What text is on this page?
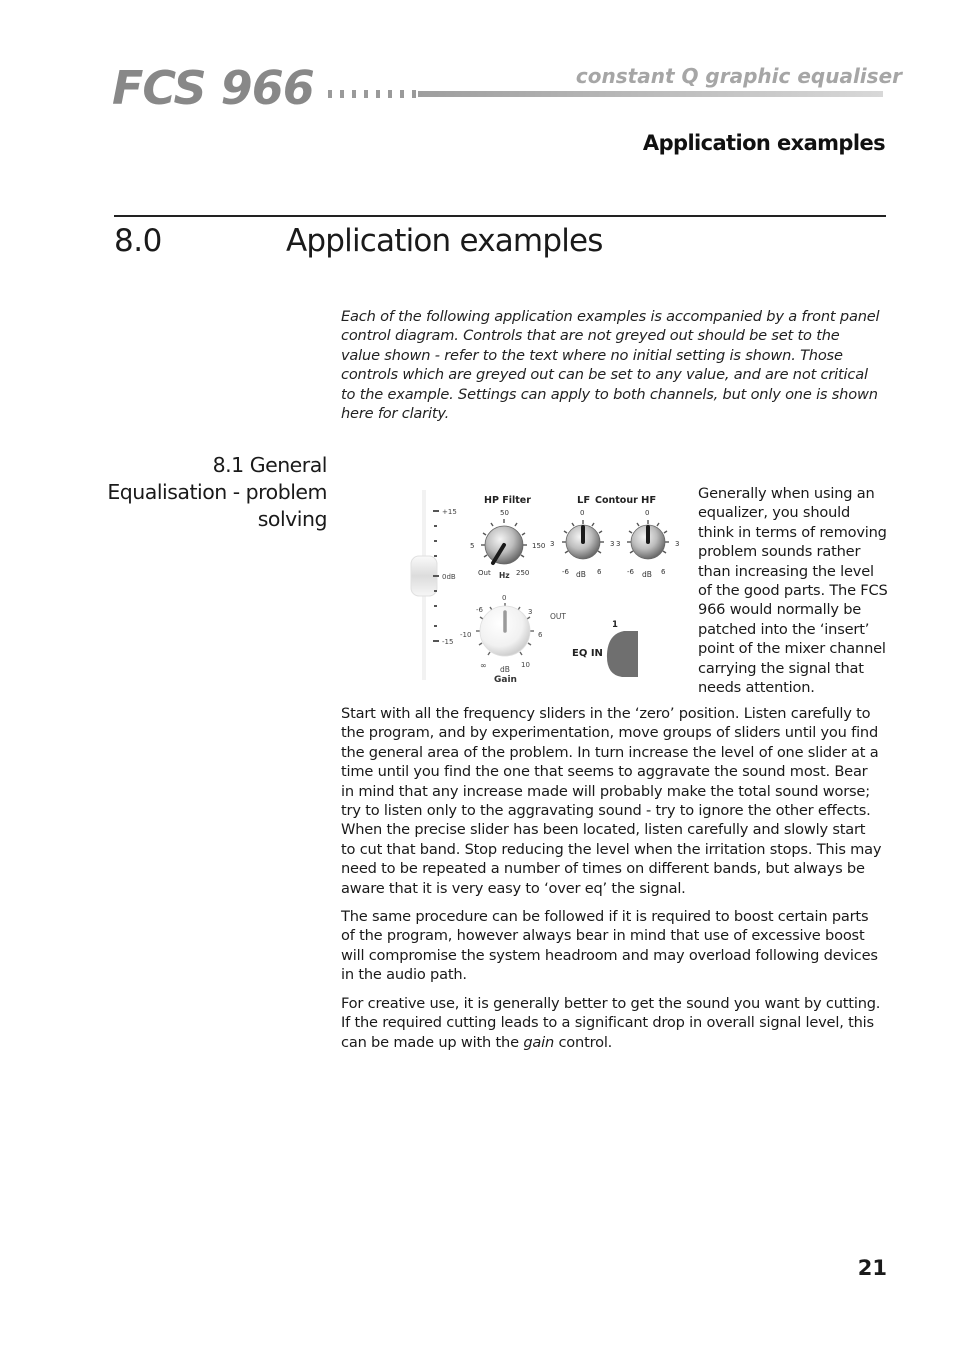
FCS 966	constant Q graphic equaliser
Application examples
8.0	Application examples
Each of the following application examples is accompanied by a front panel control diagram. Controls that are not greyed out should be set to the value shown - refer to the text where no initial setting is shown. Those controls which are greyed out can be set to any value, and are not critical to the example. Settings can apply to both channels, but only one is shown here for clarity.
8.1 General Equalisation - problem solving	+15
0dB
-15
HP Filter
50
5	150
Out	250
Hz
LF Contour HF
0
3	3
-6	6
dB
0
3	3
-6	6
dB
0
-6	3
-10	6
∞ dB 10
Gain
OUT
1
EQ IN
Generally when using an equalizer, you should think in terms of removing problem sounds rather than increasing the level of the good parts. The FCS 966 would normally be patched into the ‘insert’ point of the mixer channel carrying the signal that needs attention.

Start with all the frequency sliders in the ‘zero’ position. Listen carefully to the program, and by experimentation, move groups of sliders until you find the general area of the problem. In turn increase the level of one slider at a time until you find the one that seems to aggravate the sound most. Bear in mind that any increase made will probably make the total sound worse; try to listen only to the aggravating sound - try to ignore the other effects. When the precise slider has been located, listen carefully and slowly start to cut that band. Stop reducing the level when the irritation stops. This may need to be repeated a number of times on different bands, but always be aware that it is very easy to ‘over eq’ the signal.

The same procedure can be followed if it is required to boost certain parts of the program, however always bear in mind that use of excessive boost will compromise the system headroom and may overload following devices in the audio path.

For creative use, it is generally better to get the sound you want by cutting. If the required cutting leads to a significant drop in overall signal level, this can be made up with the gain control.

21
